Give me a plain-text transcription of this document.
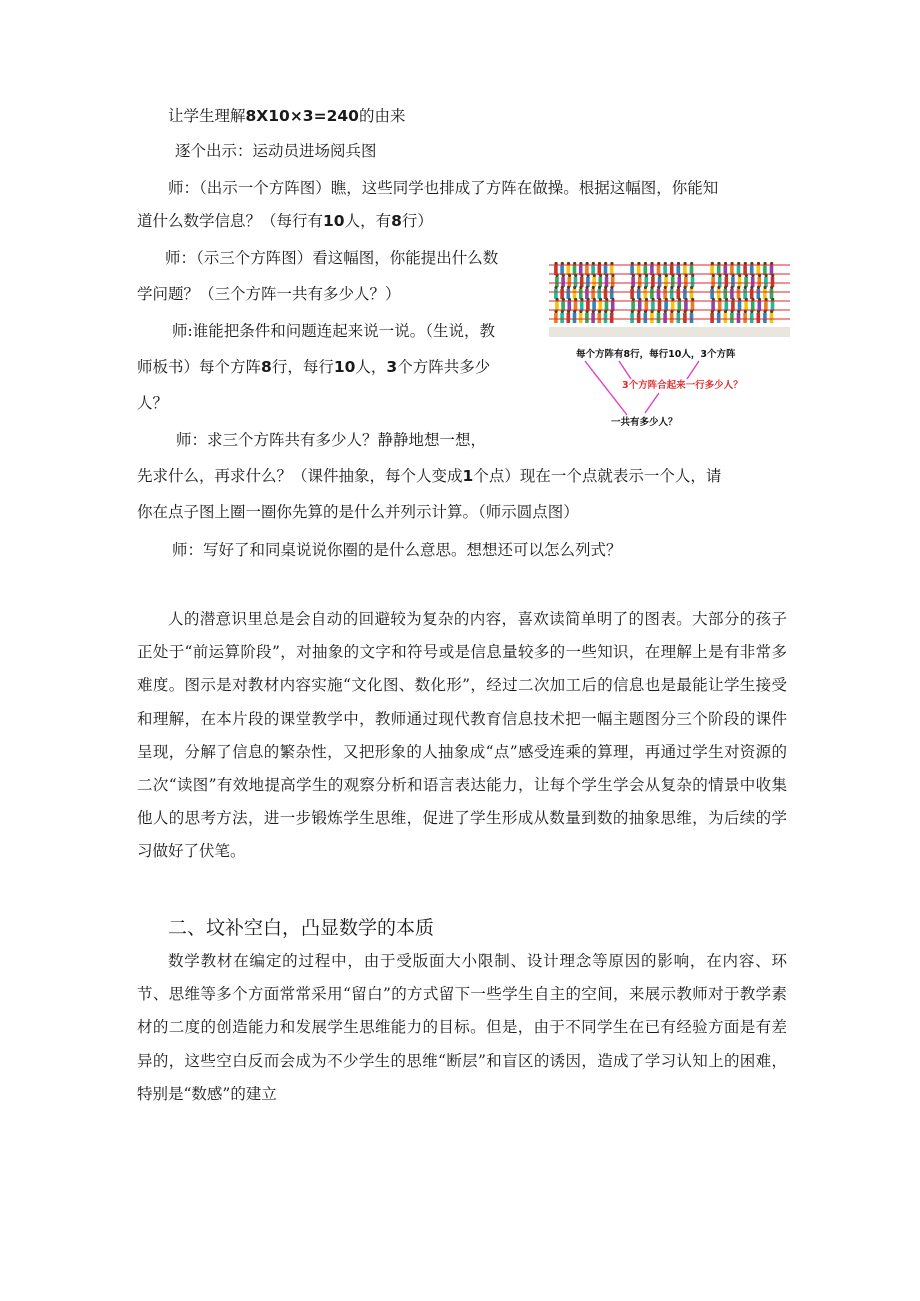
让学生理解8X10×3=240的由来
逐个出示：运动员进场阅兵图
师：（出示一个方阵图）瞧，这些同学也排成了方阵在做操。根据这幅图，你能知
道什么数学信息？（每行有10人，有8行）
师：（示三个方阵图）看这幅图，你能提出什么数
学问题？（三个方阵一共有多少人？）
师:谁能把条件和问题连起来说一说。（生说，教
师板书）每个方阵8行，每行10人，3个方阵共多少
人？
师：求三个方阵共有多少人？静静地想一想，
先求什么，再求什么？（课件抽象，每个人变成1个点）现在一个点就表示一个人，请
你在点子图上圈一圈你先算的是什么并列示计算。（师示圆点图）
师：写好了和同桌说说你圈的是什么意思。想想还可以怎么列式？
每个方阵有8行，每行10人，3个方阵
3个方阵合起来一行多少人？
一共有多少人？
人的潜意识里总是会自动的回避较为复杂的内容，喜欢读简单明了的图表。大部分的孩子正处于“前运算阶段”，对抽象的文字和符号或是信息量较多的一些知识，在理解上是有非常多难度。图示是对教材内容实施“文化图、数化形”，经过二次加工后的信息也是最能让学生接受和理解，在本片段的课堂教学中，教师通过现代教育信息技术把一幅主题图分三个阶段的课件呈现，分解了信息的繁杂性，又把形象的人抽象成“点”感受连乘的算理，再通过学生对资源的二次“读图”有效地提高学生的观察分析和语言表达能力，让每个学生学会从复杂的情景中收集他人的思考方法，进一步锻炼学生思维，促进了学生形成从数量到数的抽象思维，为后续的学习做好了伏笔。
二、坟补空白，凸显数学的本质
数学教材在编定的过程中，由于受版面大小限制、设计理念等原因的影响，在内容、环节、思维等多个方面常常采用“留白”的方式留下一些学生自主的空间，来展示教师对于教学素材的二度的创造能力和发展学生思维能力的目标。但是，由于不同学生在已有经验方面是有差异的，这些空白反而会成为不少学生的思维“断层”和盲区的诱因，造成了学习认知上的困难，特别是“数感”的建立
